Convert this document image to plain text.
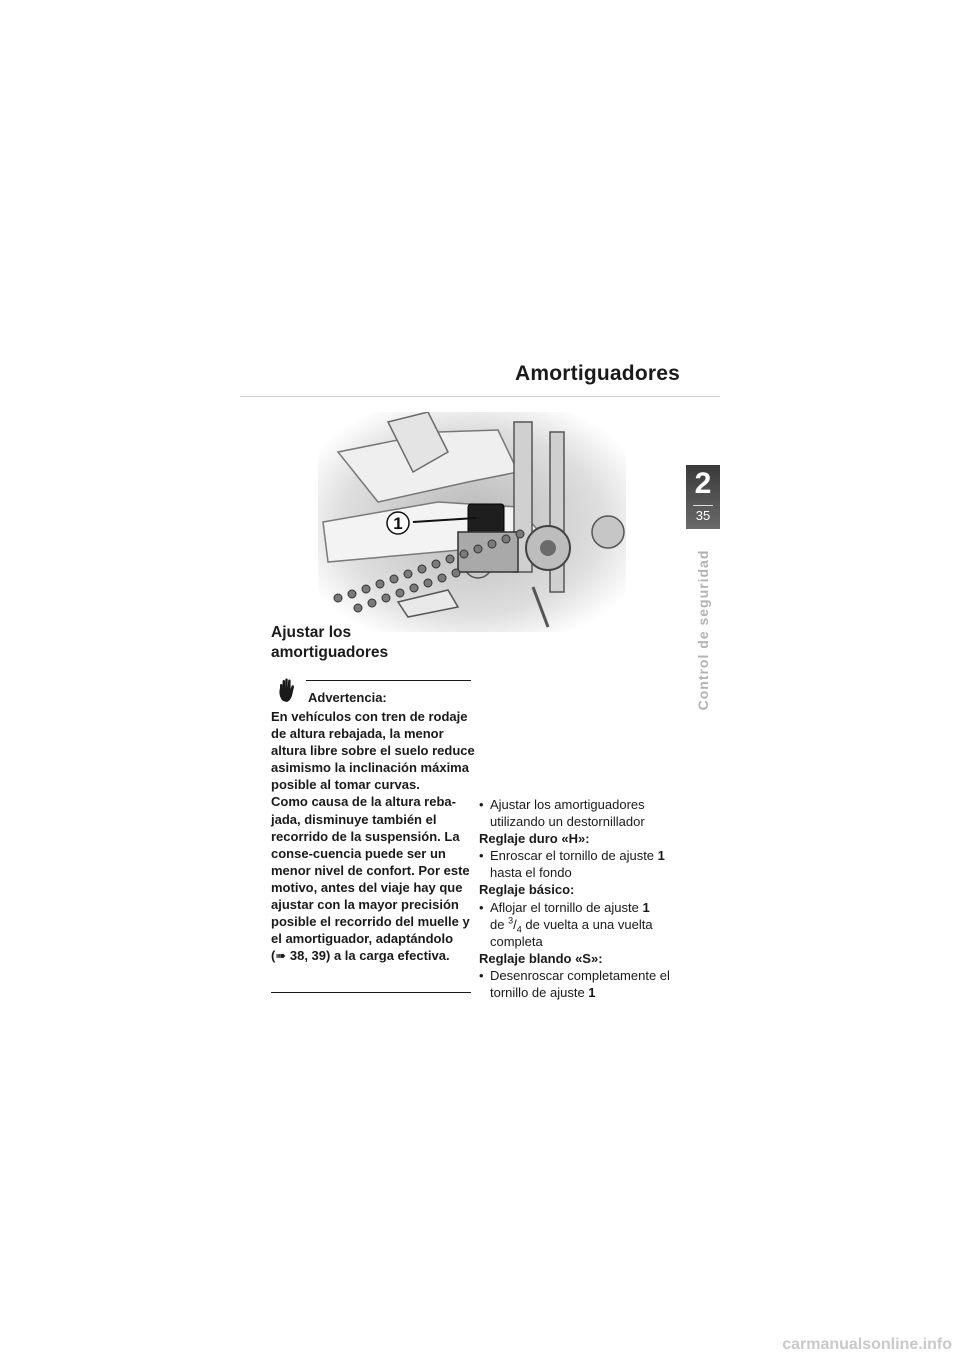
Amortiguadores
1
2
35
Control de seguridad
Ajustar los
amortiguadores
Advertencia:

En vehículos con tren de rodaje de altura rebajada, la menor altura libre sobre el suelo reduce asimismo la inclinación máxima posible al tomar curvas.

Como causa de la altura reba-jada, disminuye también el recorrido de la suspensión. La conse-cuencia puede ser un menor nivel de confort. Por este motivo, antes del viaje hay que ajustar con la mayor precisión posible el recorrido del muelle y el amortiguador, adaptándolo
(➠ 38, 39) a la carga efectiva.

• Ajustar los amortiguadores utilizando un destornillador

Reglaje duro «H»:

• Enroscar el tornillo de ajuste 1
hasta el fondo

Reglaje básico:

• Aflojar el tornillo de ajuste 1
de $^3/_4$ de vuelta a una vuelta completa

Reglaje blando «S»:

• Desenroscar completamente el tornillo de ajuste 1

carmanualsonline.info
